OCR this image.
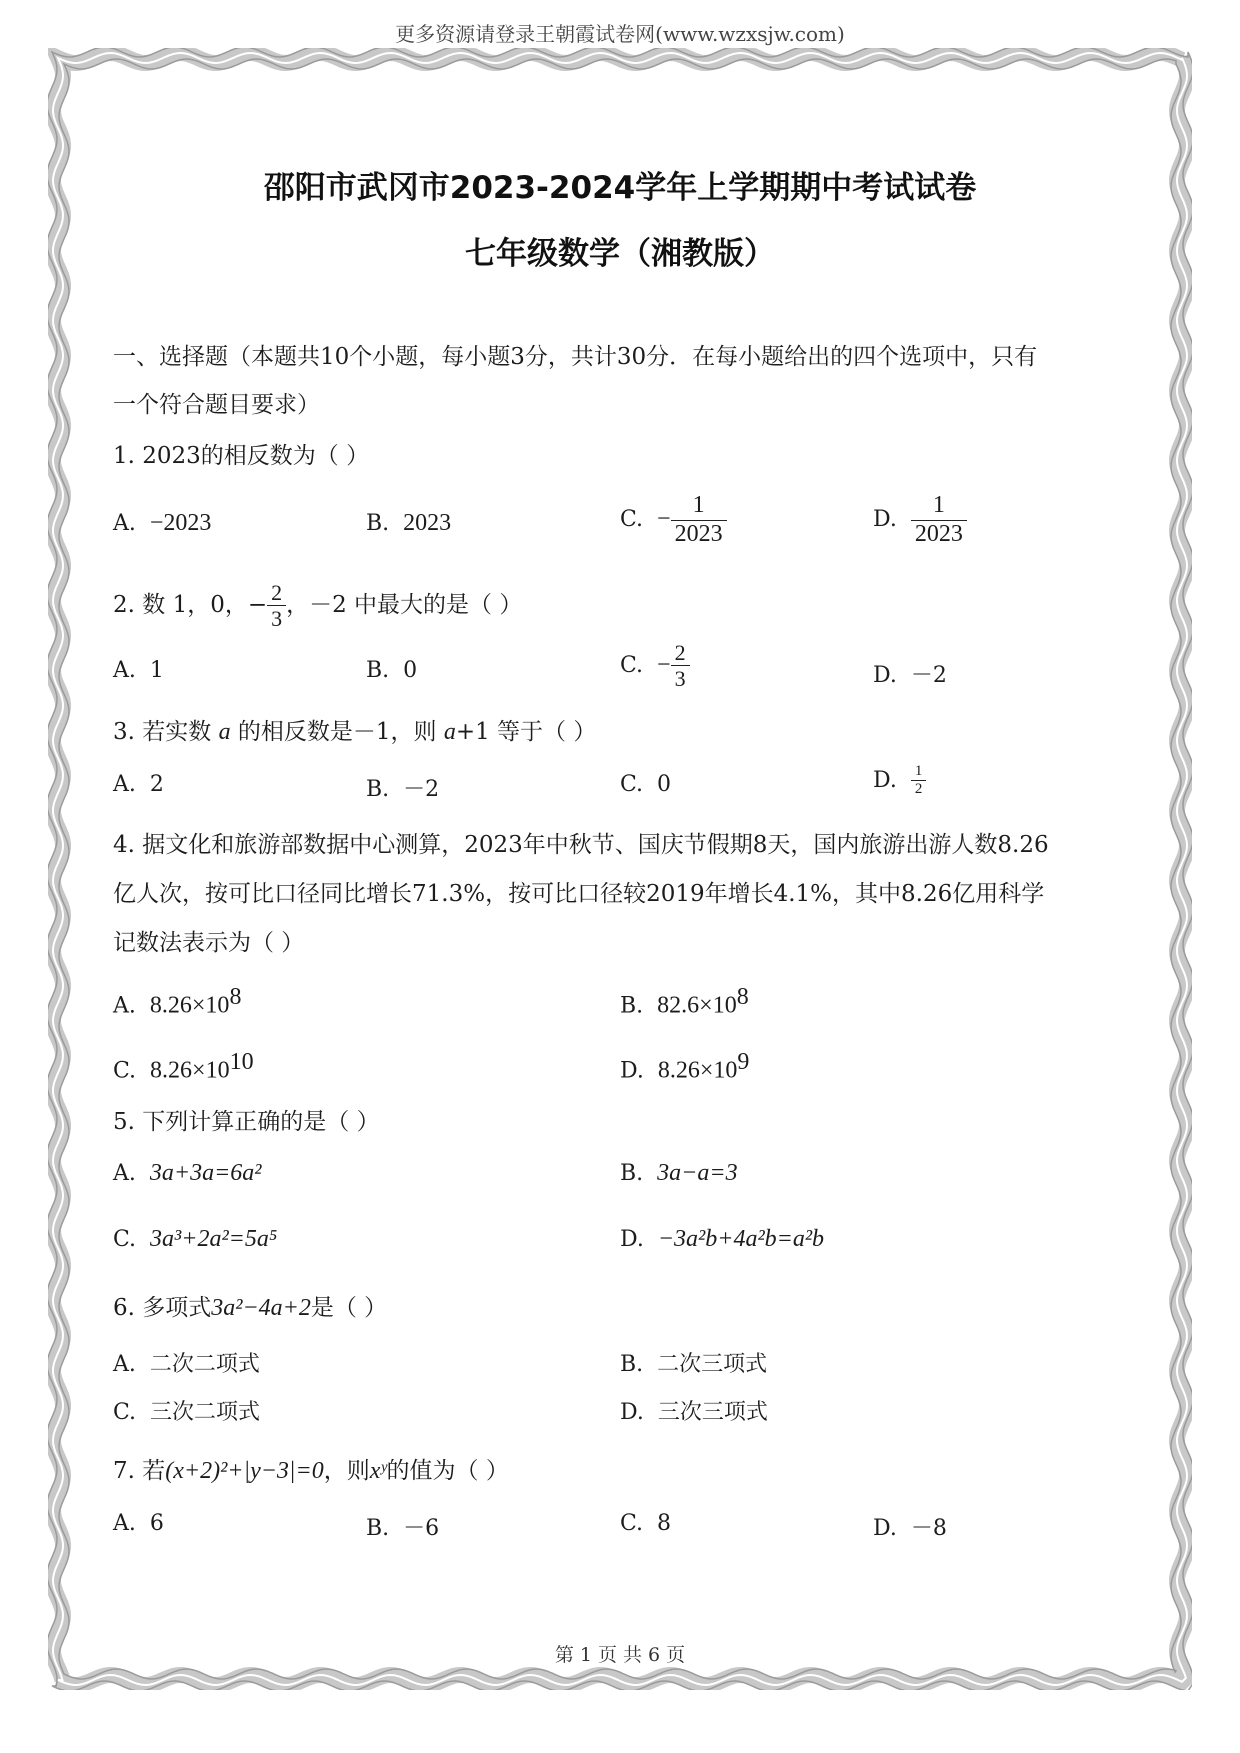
更多资源请登录王朝霞试卷网(www.wzxsjw.com)
邵阳市武冈市2023-2024学年上学期期中考试试卷
七年级数学（湘教版）
一、选择题（本题共10个小题，每小题3分，共计30分．在每小题给出的四个选项中，只有
一个符合题目要求）
1. 2023的相反数为（ ）
A. −2023	B. 2023	C. − $\frac{1}{2023}$	D. $\frac{1}{2023}$
2. 数 1，0，− $\frac{2}{3}$ ，－2 中最大的是（ ）
A. 1	B. 0	C. − $\frac{2}{3}$	D. －2
3. 若实数 a 的相反数是－1，则 a+1 等于（ ）
A. 2	B. －2	C. 0	D. $\frac{1}{2}$
4. 据文化和旅游部数据中心测算，2023年中秋节、国庆节假期8天，国内旅游出游人数8.26
亿人次，按可比口径同比增长71.3%，按可比口径较2019年增长4.1%，其中8.26亿用科学
记数法表示为（ ）
A. $8.26\times 10^8$	B. $82.6\times 10^8$
C. $8.26\times 10^{10}$	D. $8.26\times 10^9$
5. 下列计算正确的是（ ）
A. 3a+3a=6a²	B. 3a−a=3
C. 3a³+2a²=5a⁵	D. −3a²b+4a²b=a²b
6. 多项式3a²−4a+2是（ ）
A. 二次二项式	B. 二次三项式
C. 三次二项式	D. 三次三项式
7. 若(x+2)²+|y−3|=0，则xʸ的值为（ ）
A. 6	B. －6	C. 8	D. －8
第 1 页 共 6 页
